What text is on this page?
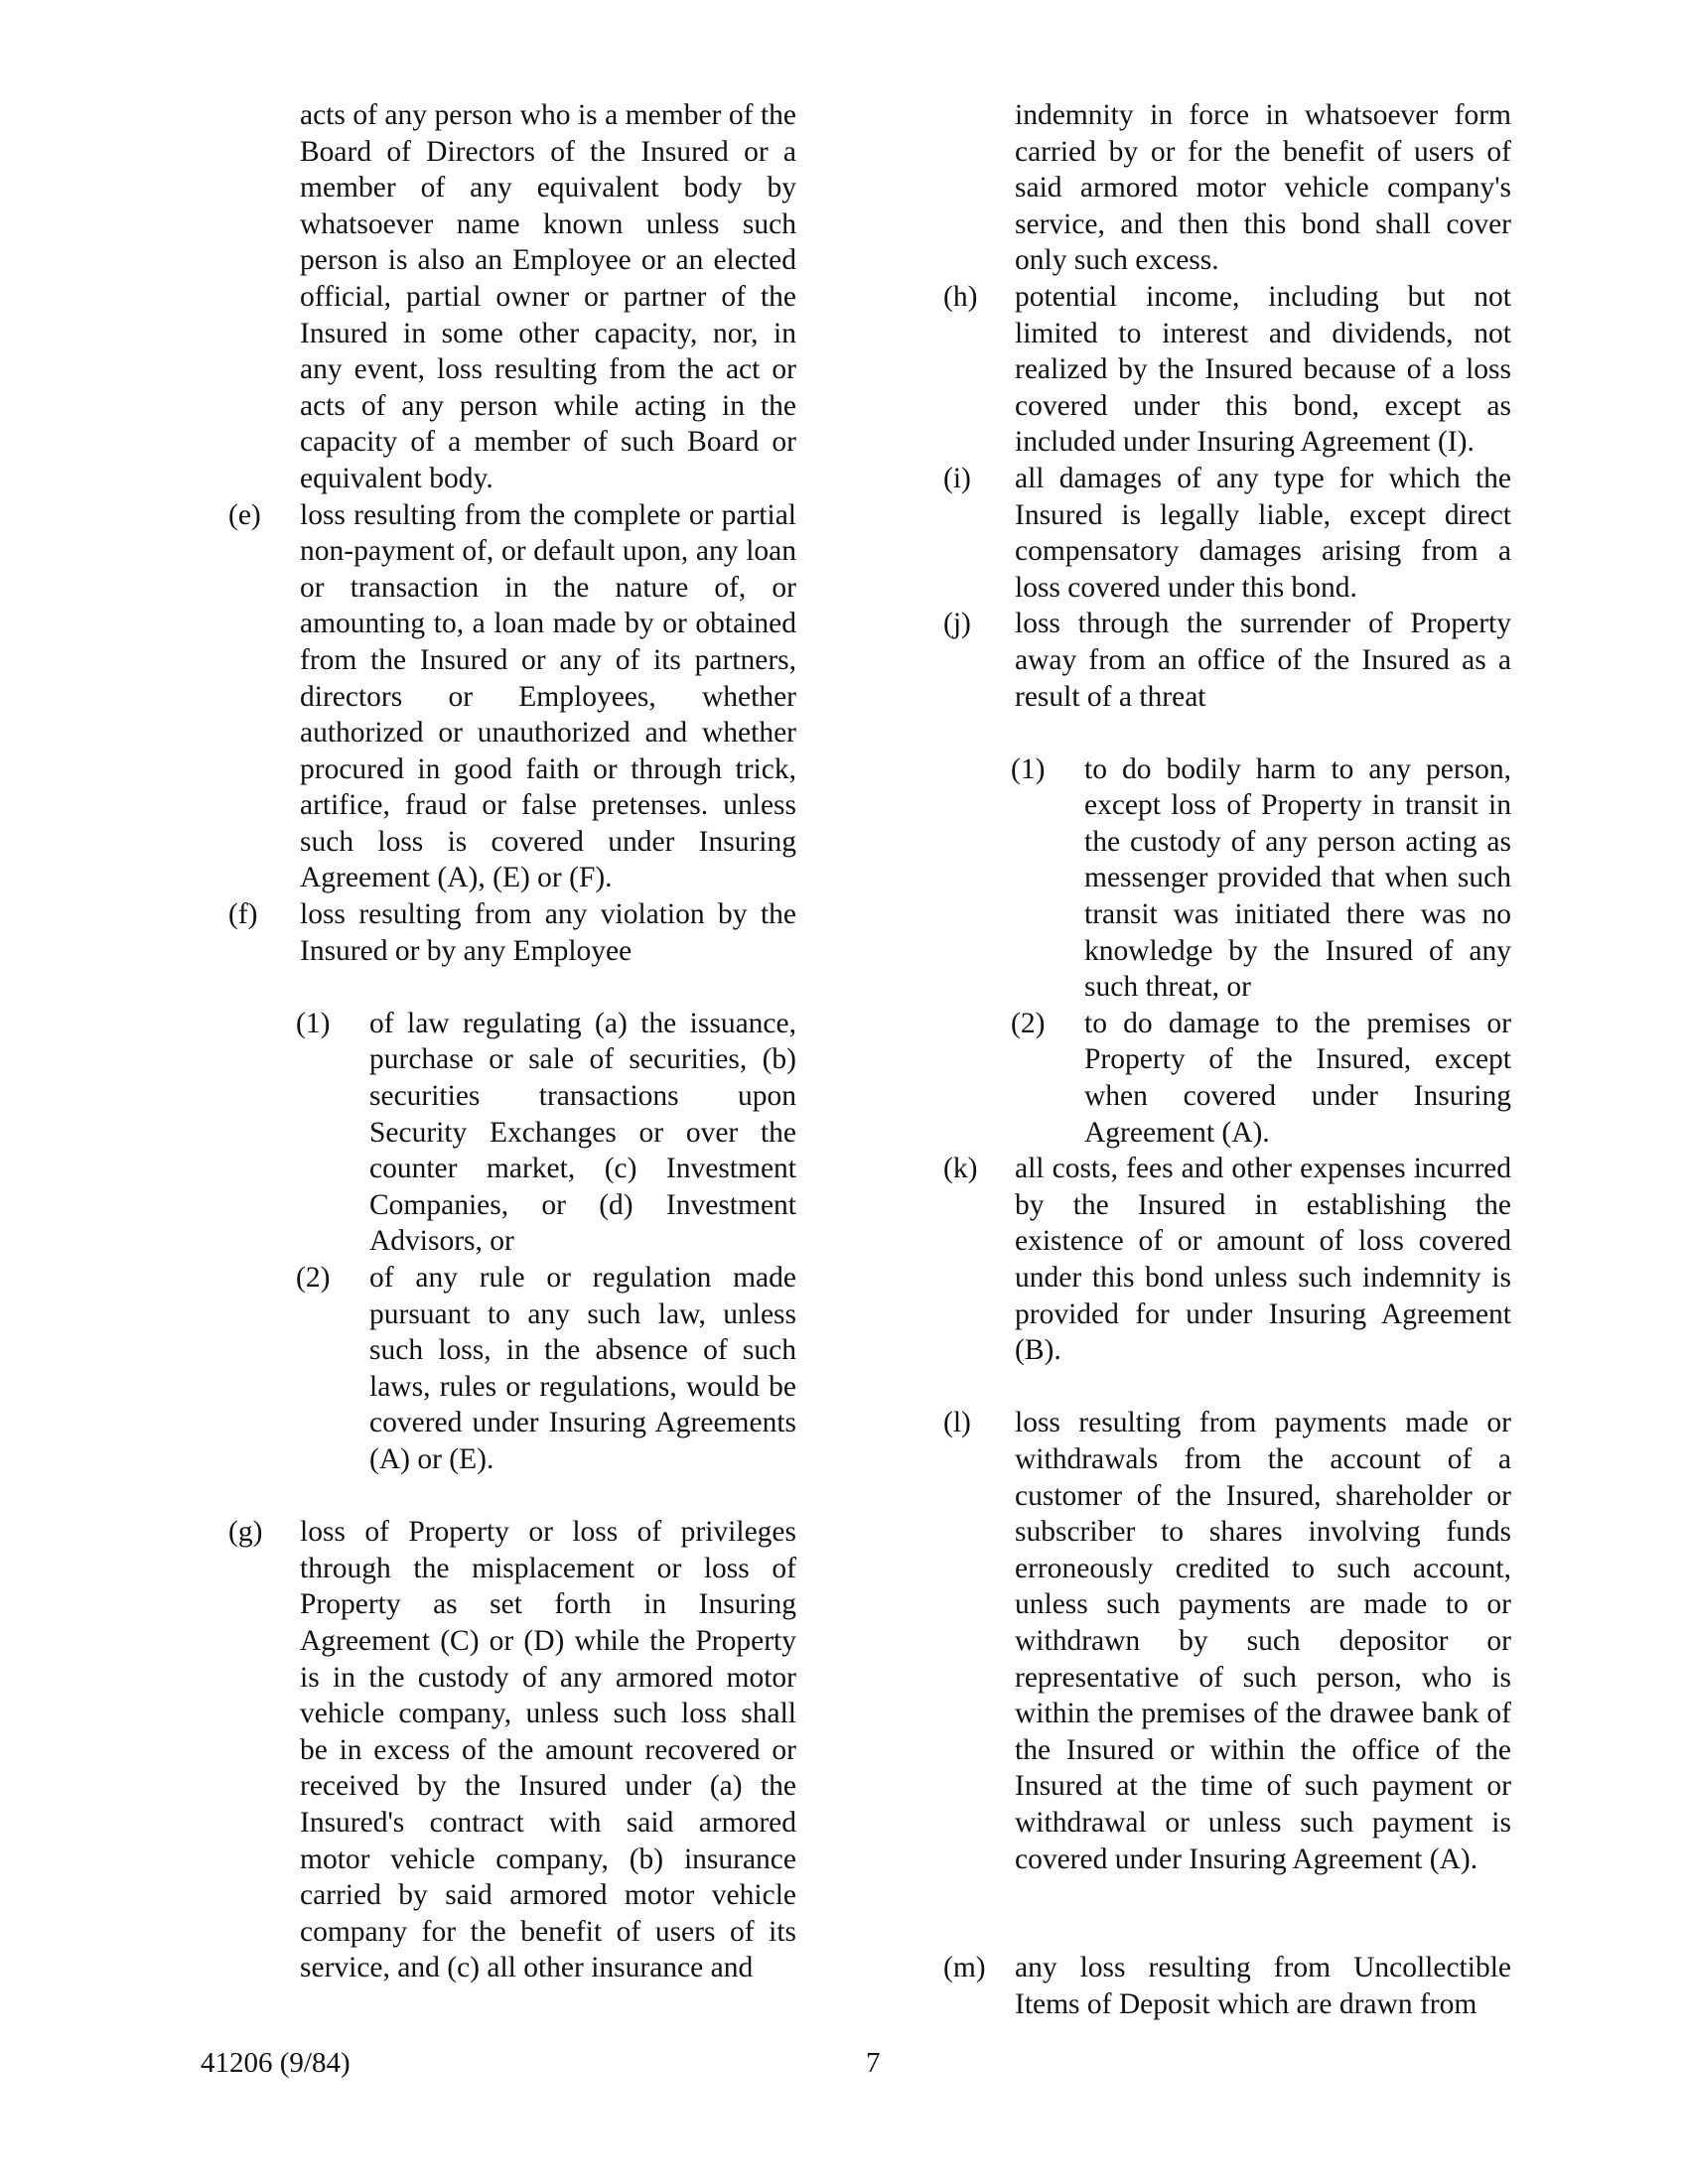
acts of any person who is a member of the Board of Directors of the Insured or a member of any equivalent body by whatsoever name known unless such person is also an Employee or an elected official, partial owner or partner of the Insured in some other capacity, nor, in any event, loss resulting from the act or acts of any person while acting in the capacity of a member of such Board or equivalent body.
(e) loss resulting from the complete or partial non-payment of, or default upon, any loan or transaction in the nature of, or amounting to, a loan made by or obtained from the Insured or any of its partners, directors or Employees, whether authorized or unauthorized and whether procured in good faith or through trick, artifice, fraud or false pretenses. unless such loss is covered under Insuring Agreement (A), (E) or (F).
(f) loss resulting from any violation by the Insured or by any Employee
(1) of law regulating (a) the issuance, purchase or sale of securities, (b) securities transactions upon Security Exchanges or over the counter market, (c) Investment Companies, or (d) Investment Advisors, or
(2) of any rule or regulation made pursuant to any such law, unless such loss, in the absence of such laws, rules or regulations, would be covered under Insuring Agreements (A) or (E).
(g) loss of Property or loss of privileges through the misplacement or loss of Property as set forth in Insuring Agreement (C) or (D) while the Property is in the custody of any armored motor vehicle company, unless such loss shall be in excess of the amount recovered or received by the Insured under (a) the Insured's contract with said armored motor vehicle company, (b) insurance carried by said armored motor vehicle company for the benefit of users of its service, and (c) all other insurance and
indemnity in force in whatsoever form carried by or for the benefit of users of said armored motor vehicle company's service, and then this bond shall cover only such excess.
(h) potential income, including but not limited to interest and dividends, not realized by the Insured because of a loss covered under this bond, except as included under Insuring Agreement (I).
(i) all damages of any type for which the Insured is legally liable, except direct compensatory damages arising from a loss covered under this bond.
(j) loss through the surrender of Property away from an office of the Insured as a result of a threat
(1) to do bodily harm to any person, except loss of Property in transit in the custody of any person acting as messenger provided that when such transit was initiated there was no knowledge by the Insured of any such threat, or
(2) to do damage to the premises or Property of the Insured, except when covered under Insuring Agreement (A).
(k) all costs, fees and other expenses incurred by the Insured in establishing the existence of or amount of loss covered under this bond unless such indemnity is provided for under Insuring Agreement (B).
(l) loss resulting from payments made or withdrawals from the account of a customer of the Insured, shareholder or subscriber to shares involving funds erroneously credited to such account, unless such payments are made to or withdrawn by such depositor or representative of such person, who is within the premises of the drawee bank of the Insured or within the office of the Insured at the time of such payment or withdrawal or unless such payment is covered under Insuring Agreement (A).
(m) any loss resulting from Uncollectible Items of Deposit which are drawn from
41206 (9/84)	7
